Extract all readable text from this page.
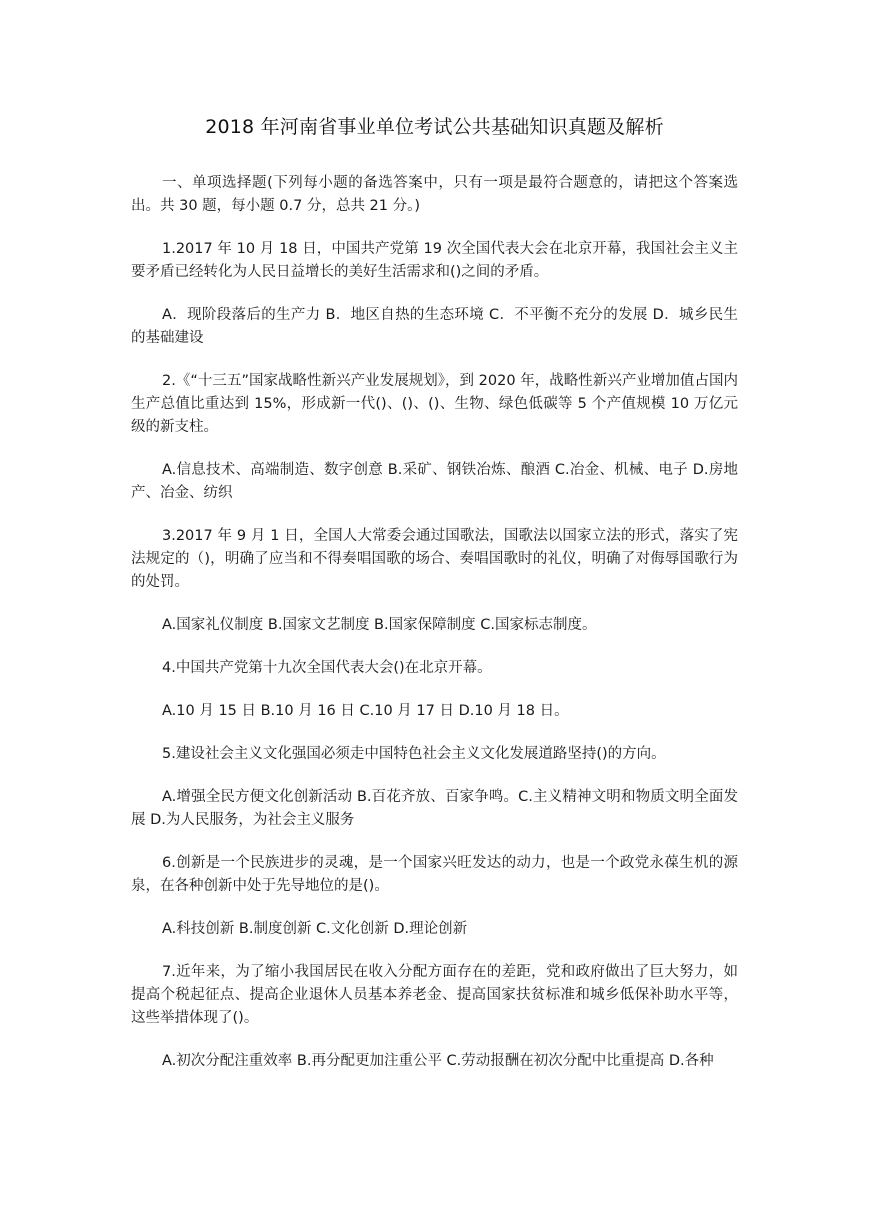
2018 年河南省事业单位考试公共基础知识真题及解析

一、单项选择题(下列每小题的备选答案中，只有一项是最符合题意的，请把这个答案选出。共 30 题，每小题 0.7 分，总共 21 分。)

1.2017 年 10 月 18 日，中国共产党第 19 次全国代表大会在北京开幕，我国社会主义主要矛盾已经转化为人民日益增长的美好生活需求和()之间的矛盾。

A．现阶段落后的生产力 B．地区自热的生态环境 C．不平衡不充分的发展 D．城乡民生的基础建设

2.《“十三五”国家战略性新兴产业发展规划》，到 2020 年，战略性新兴产业增加值占国内生产总值比重达到 15%，形成新一代()、()、()、生物、绿色低碳等 5 个产值规模 10 万亿元级的新支柱。

A.信息技术、高端制造、数字创意 B.采矿、钢铁冶炼、酿酒 C.冶金、机械、电子 D.房地产、冶金、纺织

3.2017 年 9 月 1 日，全国人大常委会通过国歌法，国歌法以国家立法的形式，落实了宪法规定的（)，明确了应当和不得奏唱国歌的场合、奏唱国歌时的礼仪，明确了对侮辱国歌行为的处罚。

A.国家礼仪制度 B.国家文艺制度 B.国家保障制度 C.国家标志制度。

4.中国共产党第十九次全国代表大会()在北京开幕。

A.10 月 15 日 B.10 月 16 日 C.10 月 17 日 D.10 月 18 日。

5.建设社会主义文化强国必须走中国特色社会主义文化发展道路坚持()的方向。

A.增强全民方便文化创新活动 B.百花齐放、百家争鸣。C.主义精神文明和物质文明全面发展 D.为人民服务，为社会主义服务

6.创新是一个民族进步的灵魂，是一个国家兴旺发达的动力，也是一个政党永葆生机的源泉，在各种创新中处于先导地位的是()。

A.科技创新 B.制度创新 C.文化创新 D.理论创新

7.近年来，为了缩小我国居民在收入分配方面存在的差距，党和政府做出了巨大努力，如提高个税起征点、提高企业退休人员基本养老金、提高国家扶贫标准和城乡低保补助水平等，这些举措体现了()。

A.初次分配注重效率 B.再分配更加注重公平 C.劳动报酬在初次分配中比重提高 D.各种
